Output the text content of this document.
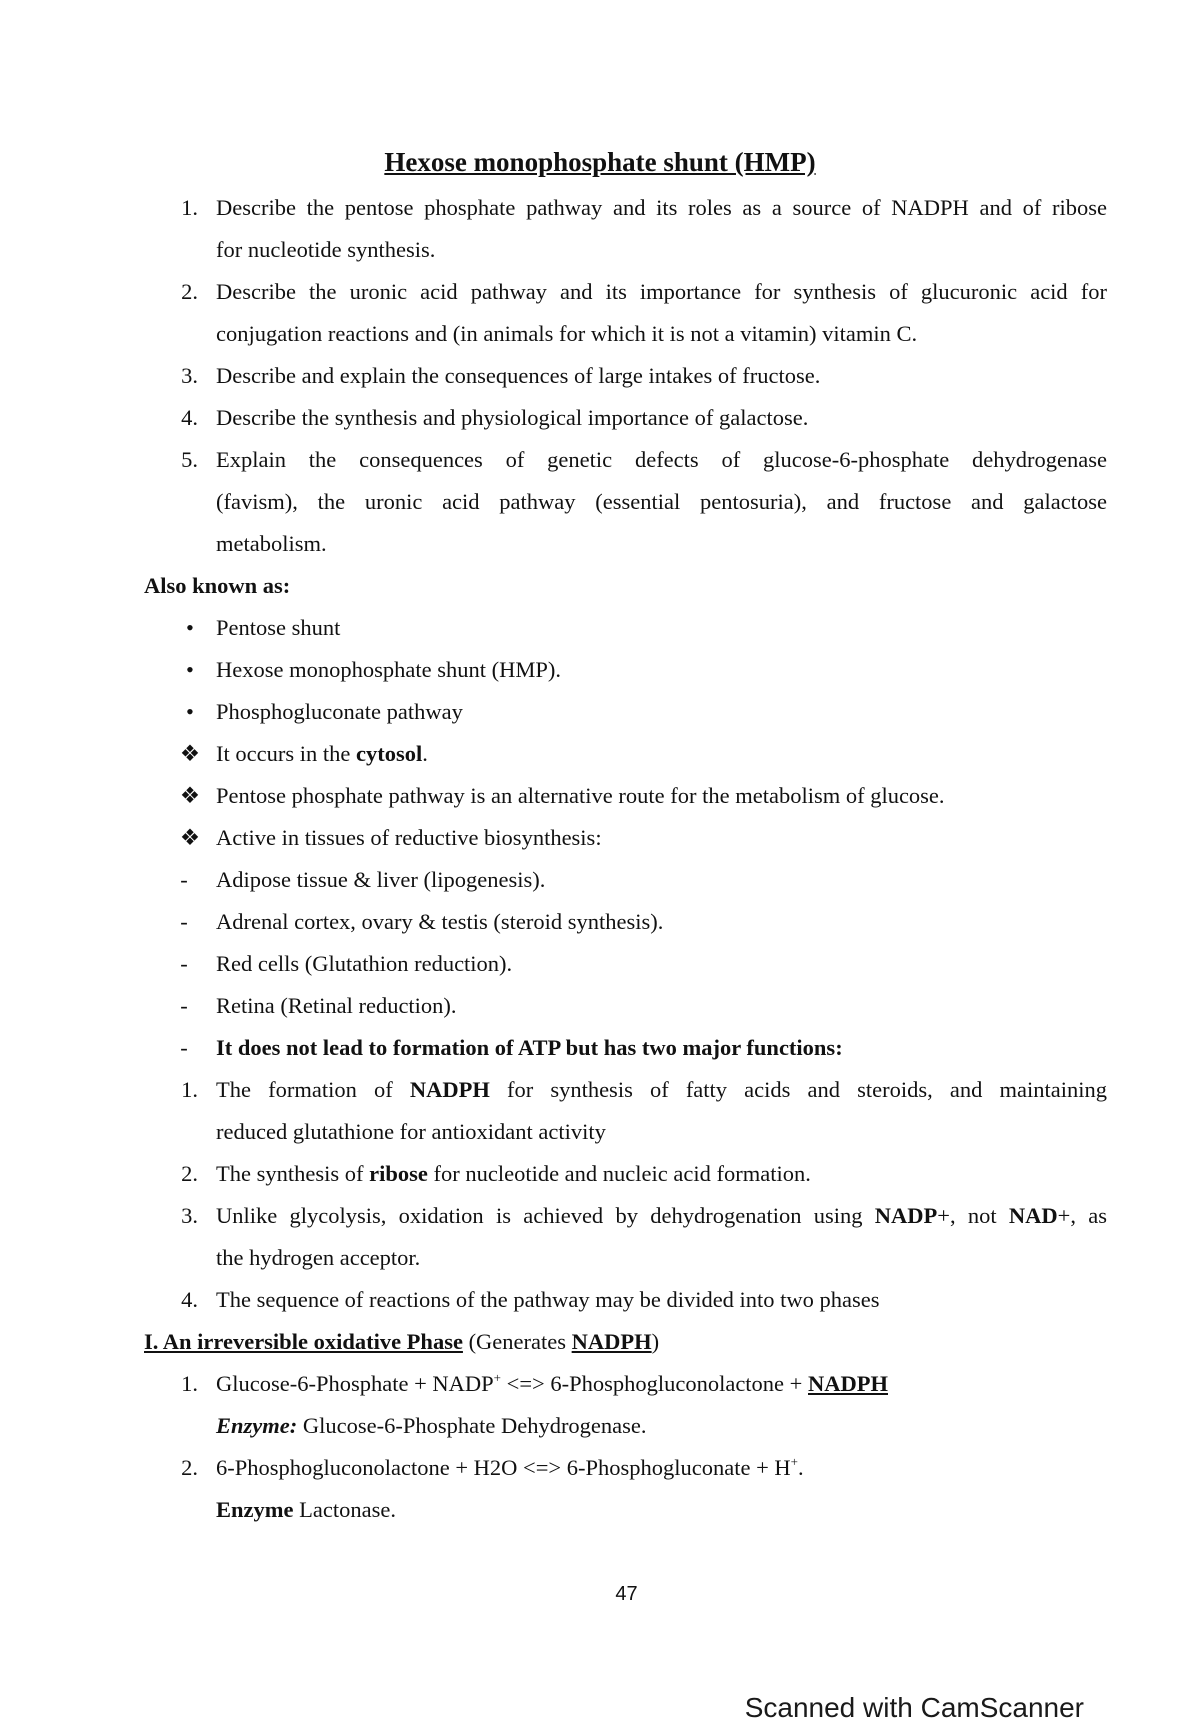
Hexose monophosphate shunt (HMP)
1. Describe the pentose phosphate pathway and its roles as a source of NADPH and of ribose
for nucleotide synthesis.
2. Describe the uronic acid pathway and its importance for synthesis of glucuronic acid for
conjugation reactions and (in animals for which it is not a vitamin) vitamin C.
3. Describe and explain the consequences of large intakes of fructose.
4. Describe the synthesis and physiological importance of galactose.
5. Explain the consequences of genetic defects of glucose-6-phosphate dehydrogenase
(favism), the uronic acid pathway (essential pentosuria), and fructose and galactose
metabolism.
Also known as:
• Pentose shunt
• Hexose monophosphate shunt (HMP).
• Phosphogluconate pathway
❖ It occurs in the cytosol.
❖ Pentose phosphate pathway is an alternative route for the metabolism of glucose.
❖ Active in tissues of reductive biosynthesis:
- Adipose tissue & liver (lipogenesis).
- Adrenal cortex, ovary & testis (steroid synthesis).
- Red cells (Glutathion reduction).
- Retina (Retinal reduction).
- It does not lead to formation of ATP but has two major functions:
1. The formation of NADPH for synthesis of fatty acids and steroids, and maintaining
reduced glutathione for antioxidant activity
2. The synthesis of ribose for nucleotide and nucleic acid formation.
3. Unlike glycolysis, oxidation is achieved by dehydrogenation using NADP+, not NAD+, as
the hydrogen acceptor.
4. The sequence of reactions of the pathway may be divided into two phases
I. An irreversible oxidative Phase (Generates NADPH)
1. Glucose-6-Phosphate + NADP+ <=> 6-Phosphogluconolactone + NADPH
Enzyme: Glucose-6-Phosphate Dehydrogenase.
2. 6-Phosphogluconolactone + H2O <=> 6-Phosphogluconate + H+.
Enzyme Lactonase.
47
Scanned with CamScanner
